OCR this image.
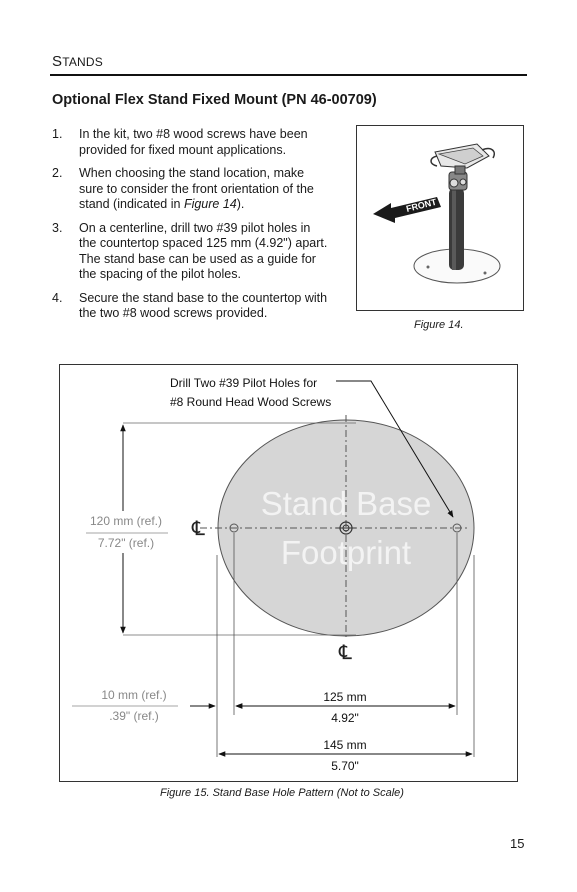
STANDS
Optional Flex Stand Fixed Mount (PN 46-00709)
1. In the kit, two #8 wood screws have been
provided for fixed mount applications.
2. When choosing the stand location, make
sure to consider the front orientation of the
stand (indicated in Figure 14).
3. On a centerline, drill two #39 pilot holes in
the countertop spaced 125 mm (4.92") apart.
The stand base can be used as a guide for
the spacing of the pilot holes.
4. Secure the stand base to the countertop with
the two #8 wood screws provided.
FRONT
Figure 14.
Stand Base
Footprint
℄
℄
Drill Two #39 Pilot Holes for
#8 Round Head Wood Screws
120 mm (ref.)
7.72" (ref.)
10 mm (ref.)
.39" (ref.)
125 mm
4.92"
145 mm
5.70"
Figure 15. Stand Base Hole Pattern (Not to Scale)
15
